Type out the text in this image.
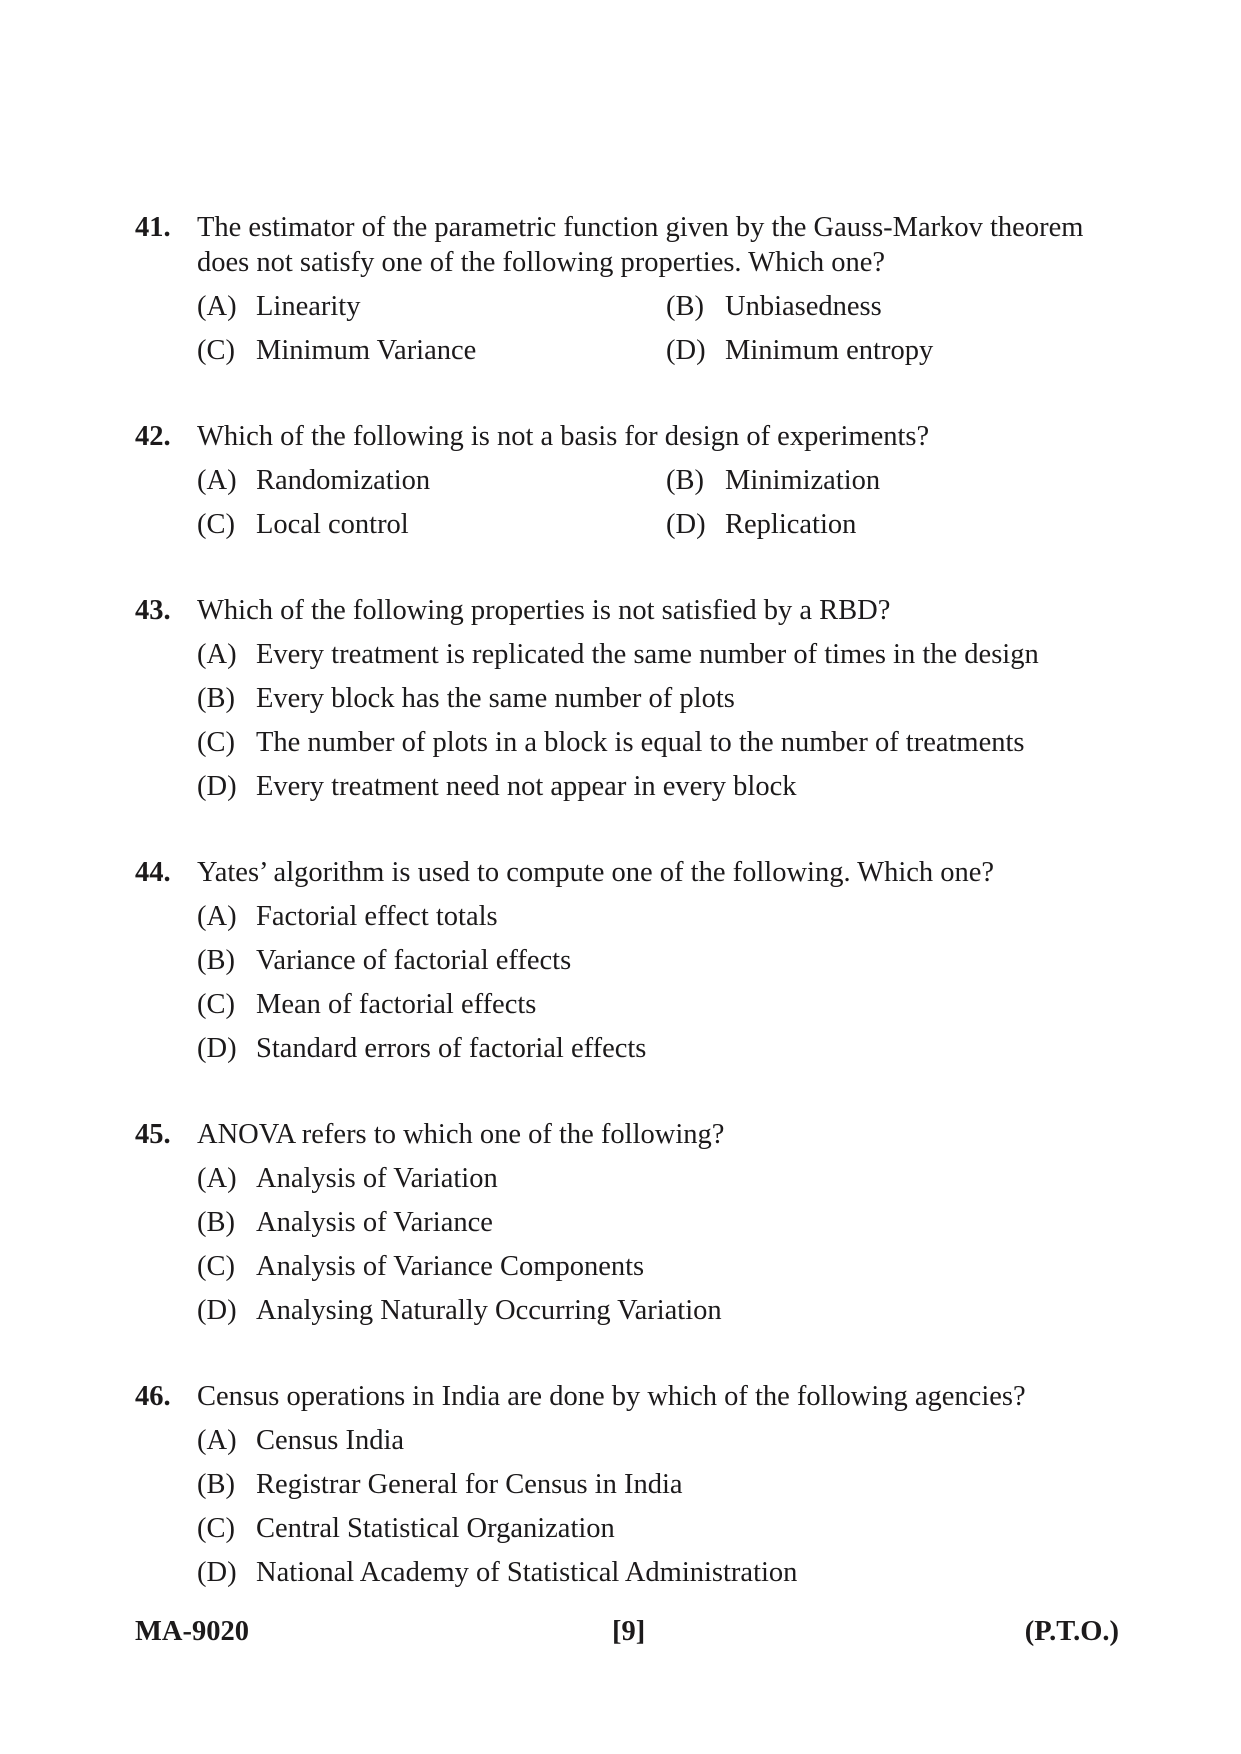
41. The estimator of the parametric function given by the Gauss-Markov theorem does not satisfy one of the following properties. Which one?
(A) Linearity	(B) Unbiasedness
(C) Minimum Variance	(D) Minimum entropy
42. Which of the following is not a basis for design of experiments?
(A) Randomization	(B) Minimization
(C) Local control	(D) Replication
43. Which of the following properties is not satisfied by a RBD?
(A) Every treatment is replicated the same number of times in the design
(B) Every block has the same number of plots
(C) The number of plots in a block is equal to the number of treatments
(D) Every treatment need not appear in every block
44. Yates’ algorithm is used to compute one of the following. Which one?
(A) Factorial effect totals
(B) Variance of factorial effects
(C) Mean of factorial effects
(D) Standard errors of factorial effects
45. ANOVA refers to which one of the following?
(A) Analysis of Variation
(B) Analysis of Variance
(C) Analysis of Variance Components
(D) Analysing Naturally Occurring Variation
46. Census operations in India are done by which of the following agencies?
(A) Census India
(B) Registrar General for Census in India
(C) Central Statistical Organization
(D) National Academy of Statistical Administration
MA-9020	[9]	(P.T.O.)
